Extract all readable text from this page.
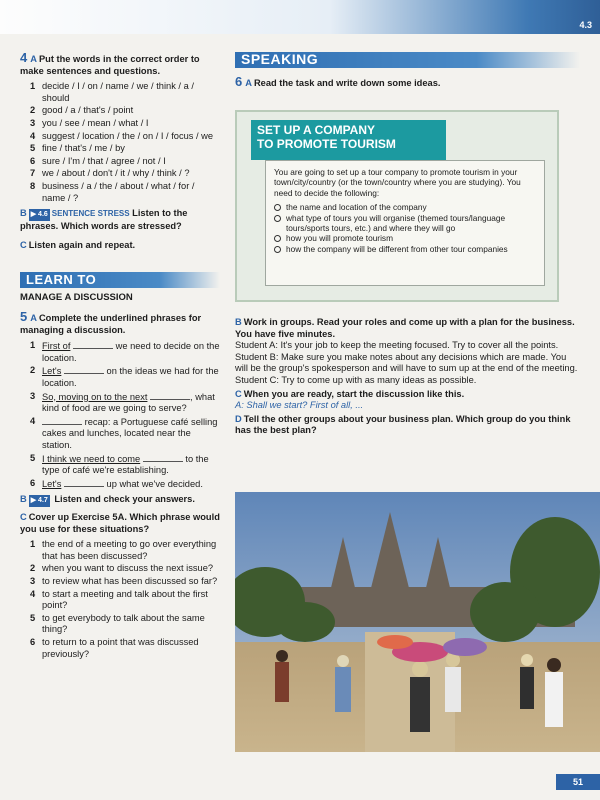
4.3
4 A Put the words in the correct order to make sentences and questions.
1 decide / I / on / name / we / think / a / should
2 good / a / that's / point
3 you / see / mean / what / I
4 suggest / location / the / on / I / focus / we
5 fine / that's / me / by
6 sure / I'm / that / agree / not / I
7 we / about / don't / it / why / think / ?
8 business / a / the / about / what / for / name / ?
B ▶ 4.6 SENTENCE STRESS Listen to the phrases. Which words are stressed?
C Listen again and repeat.
LEARN TO
MANAGE A DISCUSSION
5 A Complete the underlined phrases for managing a discussion.
1 First of	we need to decide on the location.
2 Let's	on the ideas we had for the location.
3 So, moving on to the next	, what kind of food are we going to serve?
4	recap: a Portuguese café selling cakes and lunches, located near the station.
5 I think we need to come	to the type of café we're establishing.
6 Let's	up what we've decided.
B ▶ 4.7 Listen and check your answers.
C Cover up Exercise 5A. Which phrase would you use for these situations?
1 the end of a meeting to go over everything that has been discussed?
2 when you want to discuss the next issue?
3 to review what has been discussed so far?
4 to start a meeting and talk about the first point?
5 to get everybody to talk about the same thing?
6 to return to a point that was discussed previously?
SPEAKING
6 A Read the task and write down some ideas.
SET UP A COMPANY
TO PROMOTE TOURISM
You are going to set up a tour company to promote tourism in your town/city/country (or the town/country where you are studying). You need to decide the following:
the name and location of the company
what type of tours you will organise (themed tours/language tours/sports tours, etc.) and where they will go
how you will promote tourism
how the company will be different from other tour companies
B Work in groups. Read your roles and come up with a plan for the business. You have five minutes.
Student A: It's your job to keep the meeting focused. Try to cover all the points.
Student B: Make sure you make notes about any decisions which are made. You will be the group's spokesperson and will have to sum up at the end of the meeting.
Student C: Try to come up with as many ideas as possible.
C When you are ready, start the discussion like this.
A: Shall we start? First of all, ...
D Tell the other groups about your business plan. Which group do you think has the best plan?
51
